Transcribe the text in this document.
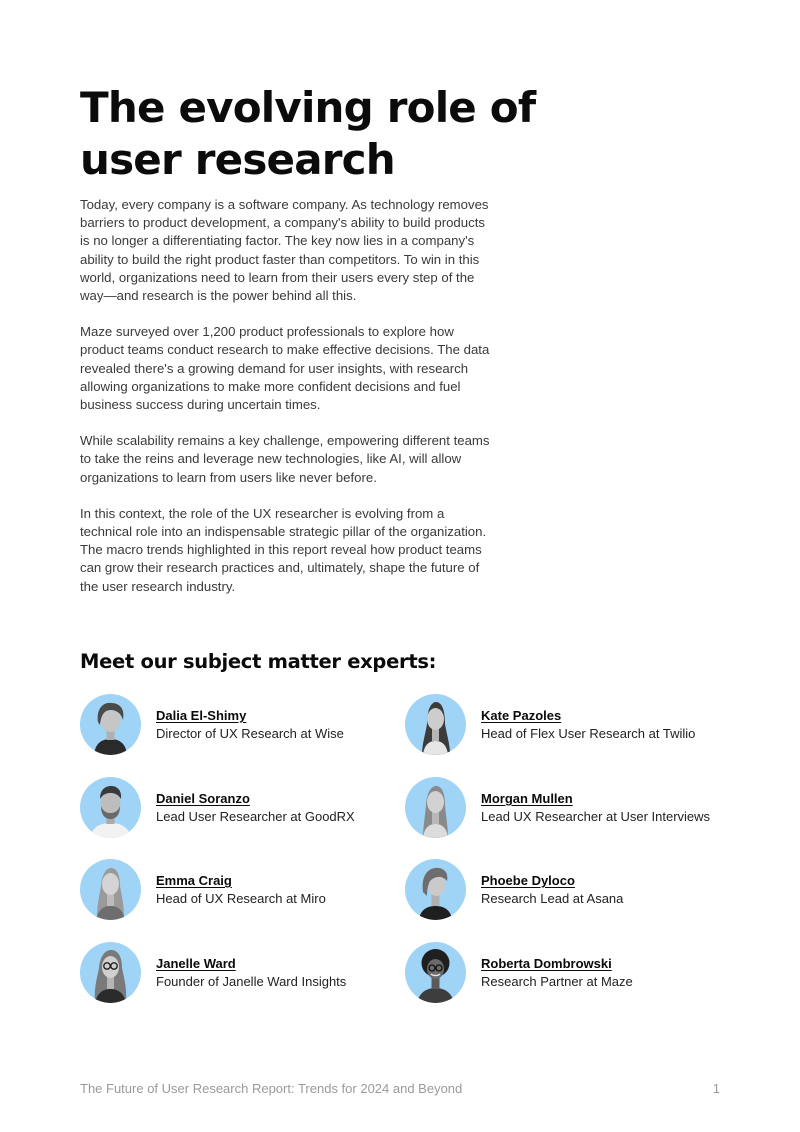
The evolving role of user research

Today, every company is a software company. As technology removes barriers to product development, a company's ability to build products is no longer a differentiating factor. The key now lies in a company's ability to build the right product faster than competitors. To win in this world, organizations need to learn from their users every step of the way—and research is the power behind all this.

Maze surveyed over 1,200 product professionals to explore how product teams conduct research to make effective decisions. The data revealed there's a growing demand for user insights, with research allowing organizations to make more confident decisions and fuel business success during uncertain times.

While scalability remains a key challenge, empowering different teams to take the reins and leverage new technologies, like AI, will allow organizations to learn from users like never before.

In this context, the role of the UX researcher is evolving from a technical role into an indispensable strategic pillar of the organization. The macro trends highlighted in this report reveal how product teams can grow their research practices and, ultimately, shape the future of the user research industry.

Meet our subject matter experts:
Dalia El-Shimy
Director of UX Research at Wise
Kate Pazoles
Head of Flex User Research at Twilio
Daniel Soranzo
Lead User Researcher at GoodRX
Morgan Mullen
Lead UX Researcher at User Interviews
Emma Craig
Head of UX Research at Miro
Phoebe Dyloco
Research Lead at Asana
Janelle Ward
Founder of Janelle Ward Insights
Roberta Dombrowski
Research Partner at Maze
The Future of User Research Report: Trends for 2024 and Beyond	1
